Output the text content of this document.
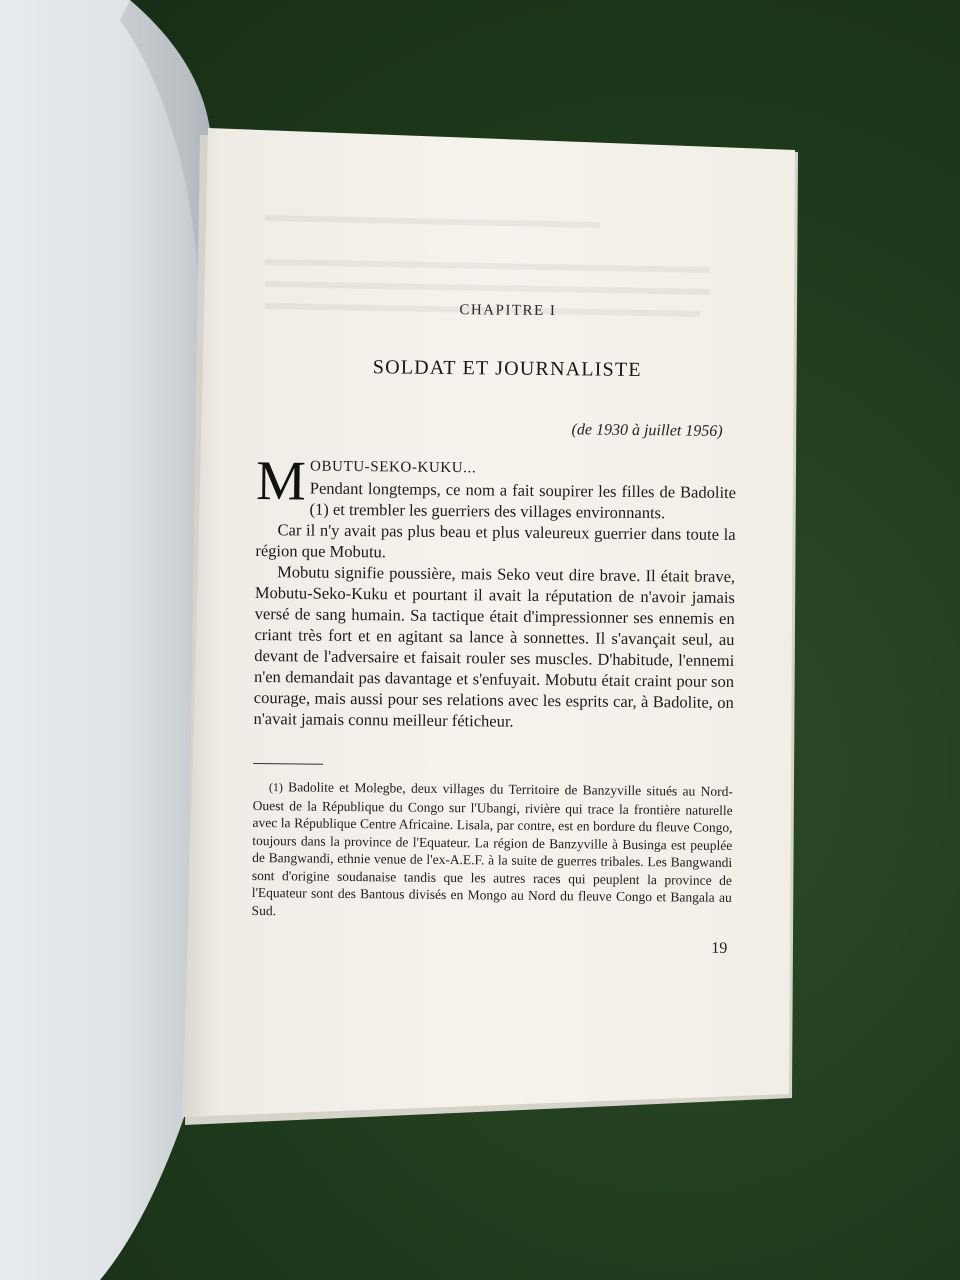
CHAPITRE I
SOLDAT ET JOURNALISTE
(de 1930 à juillet 1956)
M OBUTU-SEKO-KUKU...

Pendant longtemps, ce nom a fait soupirer les filles de Badolite (1) et trembler les guerriers des villages environnants.

Car il n'y avait pas plus beau et plus valeureux guerrier dans toute la région que Mobutu.

Mobutu signifie poussière, mais Seko veut dire brave. Il était brave, Mobutu-Seko-Kuku et pourtant il avait la réputation de n'avoir jamais versé de sang humain. Sa tactique était d'impressionner ses ennemis en criant très fort et en agitant sa lance à sonnettes. Il s'avançait seul, au devant de l'adversaire et faisait rouler ses muscles. D'habitude, l'ennemi n'en demandait pas davantage et s'enfuyait. Mobutu était craint pour son courage, mais aussi pour ses relations avec les esprits car, à Badolite, on n'avait jamais connu meilleur féticheur.

(1) Badolite et Molegbe, deux villages du Territoire de Banzyville situés au Nord-Ouest de la République du Congo sur l'Ubangi, rivière qui trace la frontière naturelle avec la République Centre Africaine. Lisala, par contre, est en bordure du fleuve Congo, toujours dans la province de l'Equateur. La région de Banzyville à Businga est peuplée de Bangwandi, ethnie venue de l'ex-A.E.F. à la suite de guerres tribales. Les Bangwandi sont d'origine soudanaise tandis que les autres races qui peuplent la province de l'Equateur sont des Bantous divisés en Mongo au Nord du fleuve Congo et Bangala au Sud.

19
